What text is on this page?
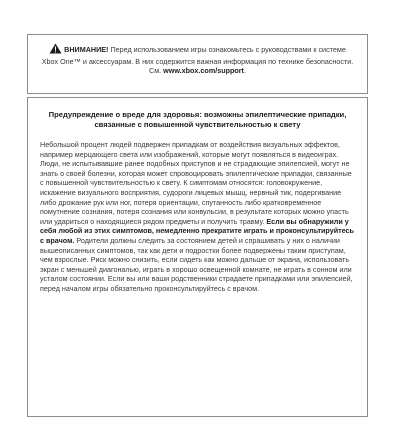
ВНИМАНИЕ! Перед использованием игры ознакомьтесь с руководствами к системе Xbox One™ и аксессуарам. В них содержится важная информация по технике безопасности. См. www.xbox.com/support.
Предупреждение о вреде для здоровья: возможны эпилептические припадки, связанные с повышенной чувствительностью к свету
Небольшой процент людей подвержен припадкам от воздействия визуальных эффектов, например мерцающего света или изображений, которые могут появляться в видеоиграх. Люди, не испытывавшие ранее подобных приступов и не страдающие эпилепсией, могут не знать о своей болезни, которая может спровоцировать эпилептические припадки, связанные с повышенной чувствительностью к свету. К симптомам относятся: головокружение, искажение визуального восприятия, судороги лицевых мышц, нервный тик, подергивание либо дрожание рук или ног, потеря ориентации, спутанность либо кратковременное помутнение сознания, потеря сознания или конвульсии, в результате которых можно упасть или удариться о находящиеся рядом предметы и получить травму. Если вы обнаружили у себя любой из этих симптомов, немедленно прекратите играть и проконсультируйтесь с врачом. Родители должны следить за состоянием детей и спрашивать у них о наличии вышеописанных симптомов, так как дети и подростки более подвержены таким приступам, чем взрослые. Риск можно снизить, если сидеть как можно дальше от экрана, использовать экран с меньшей диагональю, играть в хорошо освещенной комнате, не играть в сонном или усталом состоянии. Если вы или ваши родственники страдаете припадками или эпилепсией, перед началом игры обязательно проконсультируйтесь с врачом.
